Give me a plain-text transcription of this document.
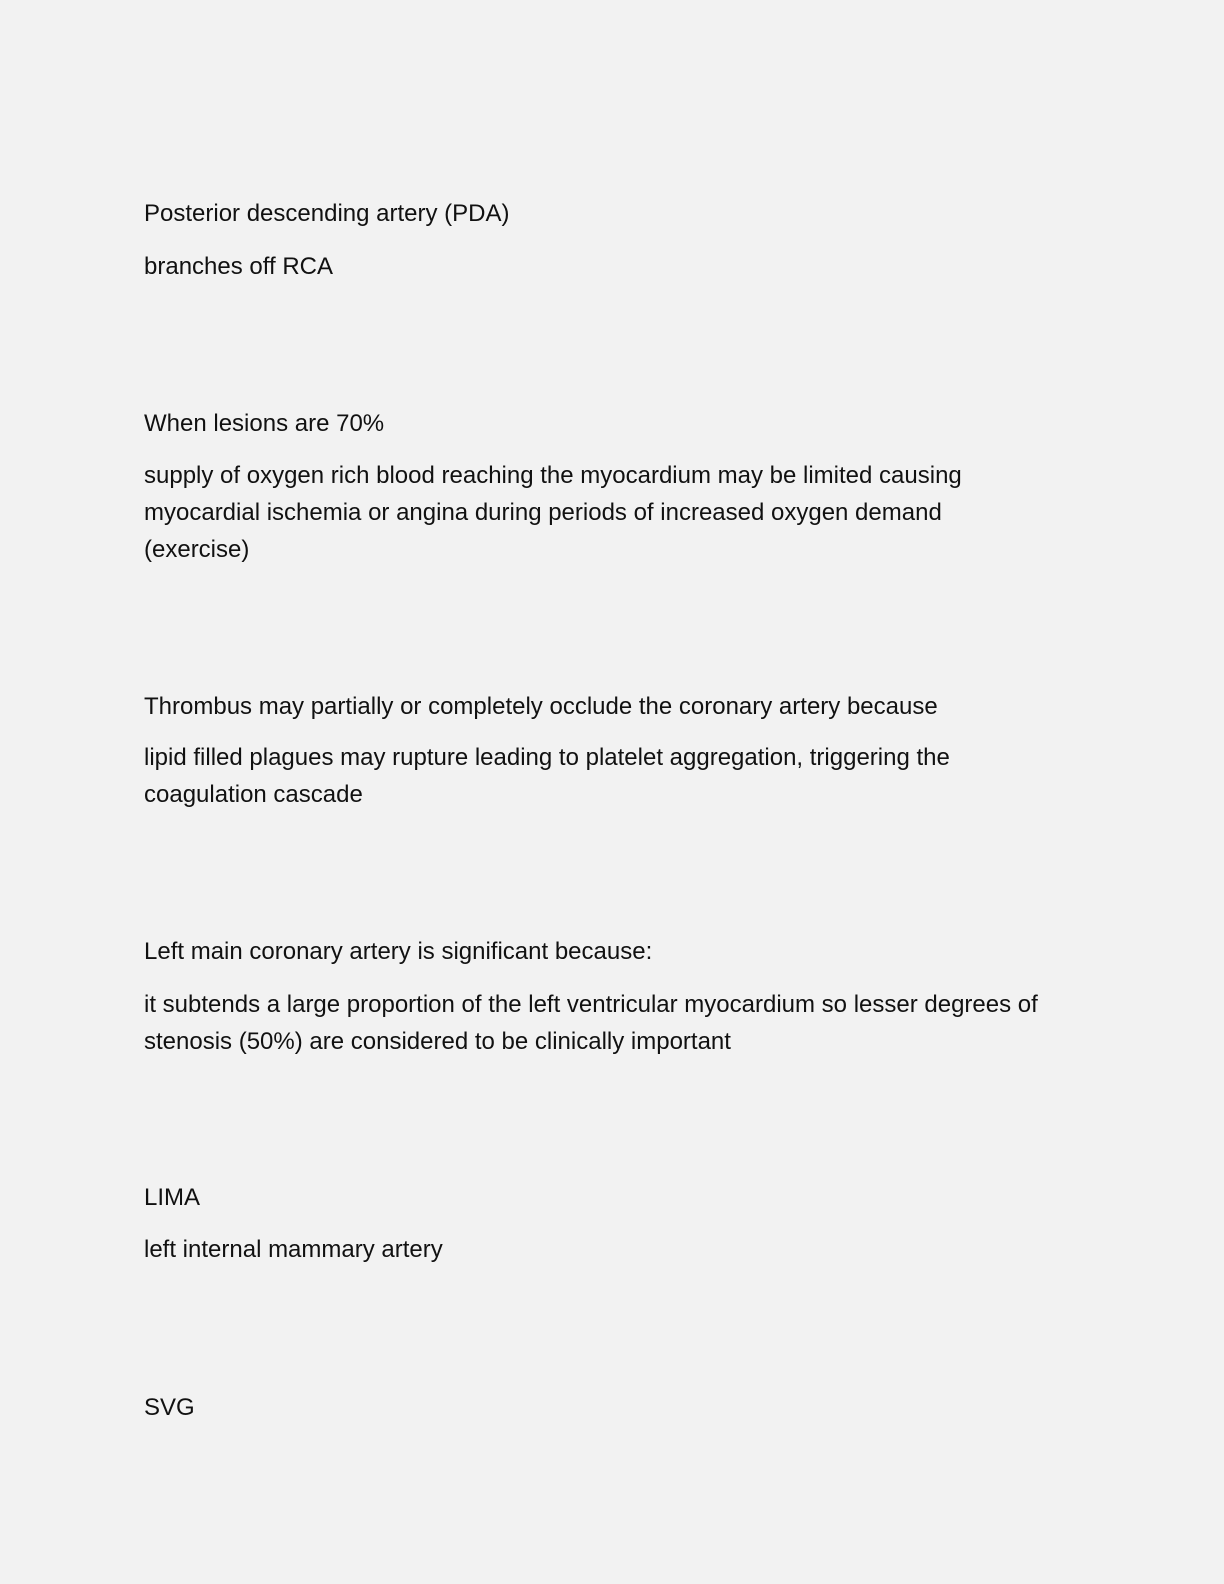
Posterior descending artery (PDA)

branches off RCA

When lesions are 70%

supply of oxygen rich blood reaching the myocardium may be limited causing myocardial ischemia or angina during periods of increased oxygen demand (exercise)

Thrombus may partially or completely occlude the coronary artery because

lipid filled plagues may rupture leading to platelet aggregation, triggering the coagulation cascade

Left main coronary artery is significant because:

it subtends a large proportion of the left ventricular myocardium so lesser degrees of stenosis (50%) are considered to be clinically important

LIMA

left internal mammary artery

SVG
